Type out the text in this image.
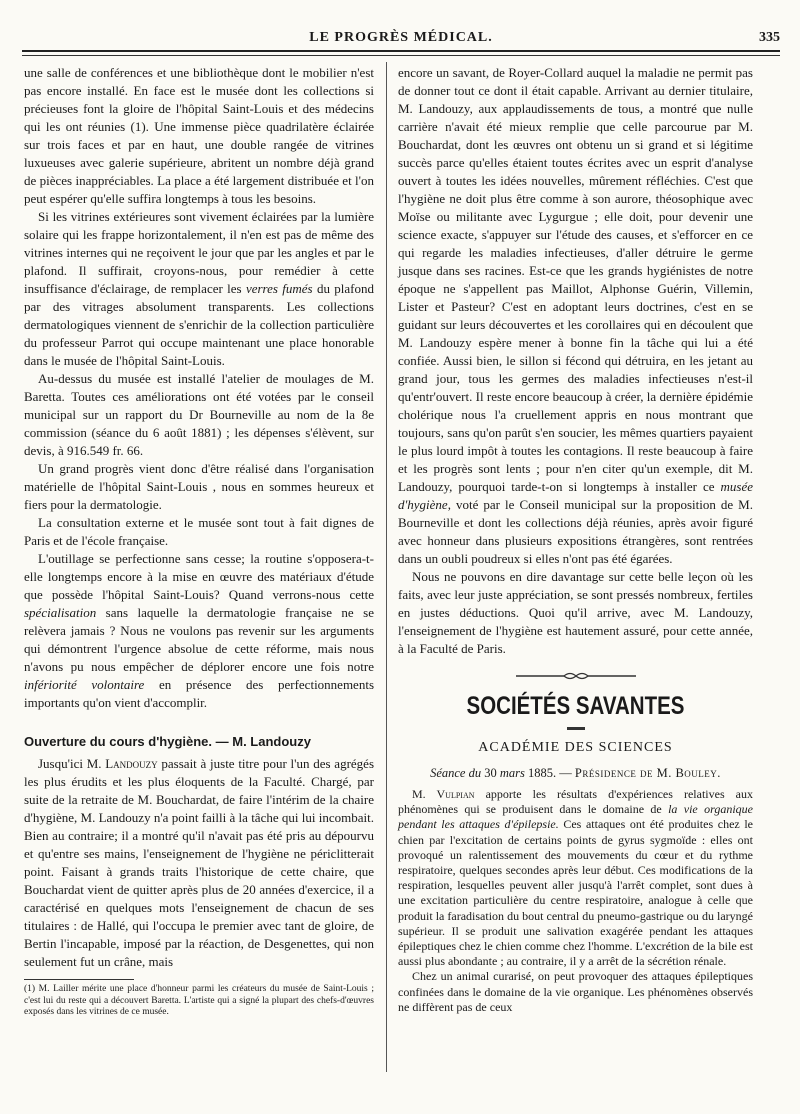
LE PROGRÈS MÉDICAL.	335

une salle de conférences et une bibliothèque dont le mobilier n'est pas encore installé. En face est le musée dont les collections si précieuses font la gloire de l'hôpital Saint-Louis et des médecins qui les ont réunies (1). Une immense pièce quadrilatère éclairée sur trois faces et par en haut, une double rangée de vitrines luxueuses avec galerie supérieure, abritent un nombre déjà grand de pièces inappréciables. La place a été largement distribuée et l'on peut espérer qu'elle suffira longtemps à tous les besoins.

Si les vitrines extérieures sont vivement éclairées par la lumière solaire qui les frappe horizontalement, il n'en est pas de même des vitrines internes qui ne reçoivent le jour que par les angles et par le plafond. Il suffirait, croyons-nous, pour remédier à cette insuffisance d'éclairage, de remplacer les verres fumés du plafond par des vitrages absolument transparents. Les collections dermatologiques viennent de s'enrichir de la collection particulière du professeur Parrot qui occupe maintenant une place honorable dans le musée de l'hôpital Saint-Louis.

Au-dessus du musée est installé l'atelier de moulages de M. Baretta. Toutes ces améliorations ont été votées par le conseil municipal sur un rapport du Dr Bourneville au nom de la 8e commission (séance du 6 août 1881) ; les dépenses s'élèvent, sur devis, à 916.549 fr. 66.

Un grand progrès vient donc d'être réalisé dans l'organisation matérielle de l'hôpital Saint-Louis , nous en sommes heureux et fiers pour la dermatologie.

La consultation externe et le musée sont tout à fait dignes de Paris et de l'école française.

L'outillage se perfectionne sans cesse; la routine s'opposera-t-elle longtemps encore à la mise en œuvre des matériaux d'étude que possède l'hôpital Saint-Louis? Quand verrons-nous cette spécialisation sans laquelle la dermatologie française ne se relèvera jamais ? Nous ne voulons pas revenir sur les arguments qui démontrent l'urgence absolue de cette réforme, mais nous n'avons pu nous empêcher de déplorer encore une fois notre infériorité volontaire en présence des perfectionnements importants qu'on vient d'accomplir.

Ouverture du cours d'hygiène. — M. Landouzy

Jusqu'ici M. Landouzy passait à juste titre pour l'un des agrégés les plus érudits et les plus éloquents de la Faculté. Chargé, par suite de la retraite de M. Bouchardat, de faire l'intérim de la chaire d'hygiène, M. Landouzy n'a point failli à la tâche qui lui incombait. Bien au contraire; il a montré qu'il n'avait pas été pris au dépourvu et qu'entre ses mains, l'enseignement de l'hygiène ne périclitterait point. Faisant à grands traits l'historique de cette chaire, que Bouchardat vient de quitter après plus de 20 années d'exercice, il a caractérisé en quelques mots l'enseignement de chacun de ses titulaires : de Hallé, qui l'occupa le premier avec tant de gloire, de Bertin l'incapable, imposé par la réaction, de Desgenettes, qui non seulement fut un crâne, mais

(1) M. Lailler mérite une place d'honneur parmi les créateurs du musée de Saint-Louis ; c'est lui du reste qui a découvert Baretta. L'artiste qui a signé la plupart des chefs-d'œuvres exposés dans les vitrines de ce musée.

encore un savant, de Royer-Collard auquel la maladie ne permit pas de donner tout ce dont il était capable. Arrivant au dernier titulaire, M. Landouzy, aux applaudissements de tous, a montré que nulle carrière n'avait été mieux remplie que celle parcourue par M. Bouchardat, dont les œuvres ont obtenu un si grand et si légitime succès parce qu'elles étaient toutes écrites avec un esprit d'analyse ouvert à toutes les idées nouvelles, mûrement réfléchies. C'est que l'hygiène ne doit plus être comme à son aurore, théosophique avec Moïse ou militante avec Lygurgue ; elle doit, pour devenir une science exacte, s'appuyer sur l'étude des causes, et s'efforcer en ce qui regarde les maladies infectieuses, d'aller détruire le germe jusque dans ses racines. Est-ce que les grands hygiénistes de notre époque ne s'appellent pas Maillot, Alphonse Guérin, Villemin, Lister et Pasteur? C'est en adoptant leurs doctrines, c'est en se guidant sur leurs découvertes et les corollaires qui en découlent que M. Landouzy espère mener à bonne fin la tâche qui lui a été confiée. Aussi bien, le sillon si fécond qui détruira, en les jetant au grand jour, tous les germes des maladies infectieuses n'est-il qu'entr'ouvert. Il reste encore beaucoup à créer, la dernière épidémie cholérique nous l'a cruellement appris en nous montrant que toujours, sans qu'on parût s'en soucier, les mêmes quartiers payaient le plus lourd impôt à toutes les contagions. Il reste beaucoup à faire et les progrès sont lents ; pour n'en citer qu'un exemple, dit M. Landouzy, pourquoi tarde-t-on si longtemps à installer ce musée d'hygiène, voté par le Conseil municipal sur la proposition de M. Bourneville et dont les collections déjà réunies, après avoir figuré avec honneur dans plusieurs expositions étrangères, sont rentrées dans un oubli poudreux si elles n'ont pas été égarées.

Nous ne pouvons en dire davantage sur cette belle leçon où les faits, avec leur juste appréciation, se sont pressés nombreux, fertiles en justes déductions. Quoi qu'il arrive, avec M. Landouzy, l'enseignement de l'hygiène est hautement assuré, pour cette année, à la Faculté de Paris.

SOCIÉTÉS SAVANTES
ACADÉMIE DES SCIENCES
Séance du 30 mars 1885. — Présidence de M. Bouley.

M. Vulpian apporte les résultats d'expériences relatives aux phénomènes qui se produisent dans le domaine de la vie organique pendant les attaques d'épilepsie. Ces attaques ont été produites chez le chien par l'excitation de certains points de gyrus sygmoïde : elles ont provoqué un ralentissement des mouvements du cœur et du rythme respiratoire, quelques secondes après leur début. Ces modifications de la respiration, lesquelles peuvent aller jusqu'à l'arrêt complet, sont dues à une excitation particulière du centre respiratoire, analogue à celle que produit la faradisation du bout central du pneumo-gastrique ou du laryngé supérieur. Il se produit une salivation exagérée pendant les attaques épileptiques chez le chien comme chez l'homme. L'excrétion de la bile est aussi plus abondante ; au contraire, il y a arrêt de la sécrétion rénale.

Chez un animal curarisé, on peut provoquer des attaques épileptiques confinées dans le domaine de la vie organique. Les phénomènes observés ne diffèrent pas de ceux
